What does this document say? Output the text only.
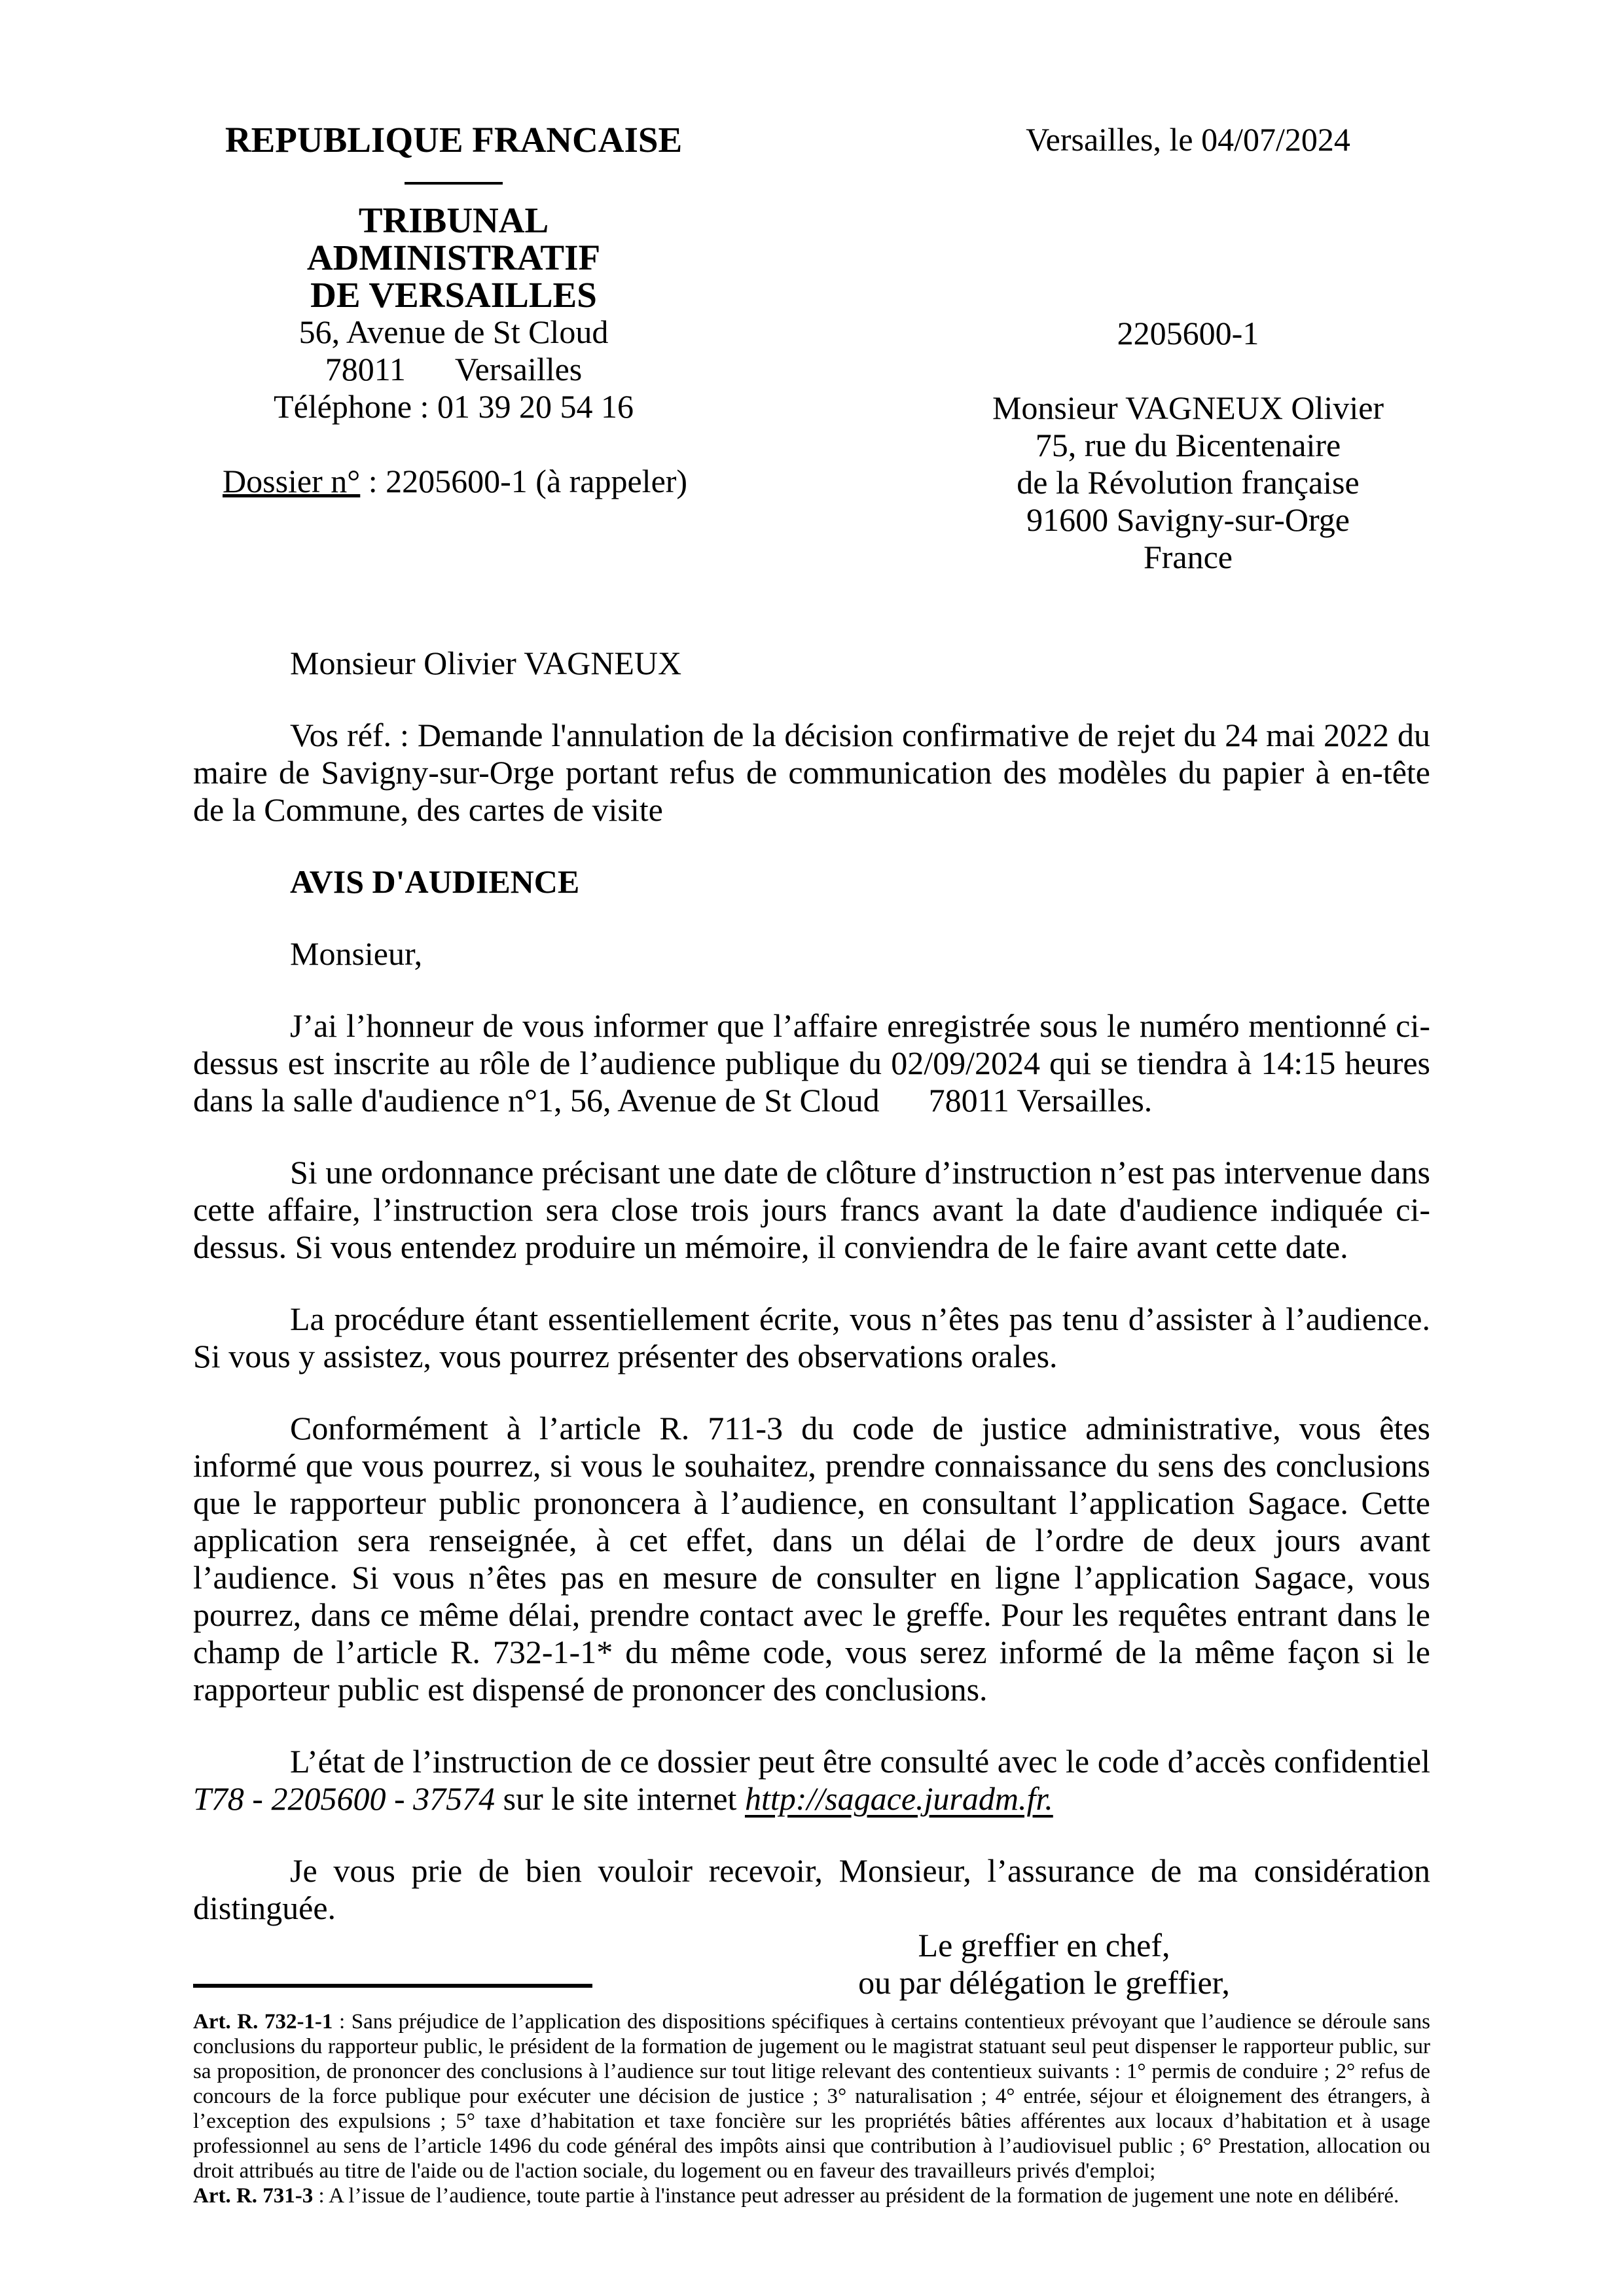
REPUBLIQUE FRANCAISE
TRIBUNAL ADMINISTRATIF
DE VERSAILLES
56, Avenue de St Cloud
78011      Versailles
Téléphone : 01 39 20 54 16
Dossier n° : 2205600-1 (à rappeler)
Versailles, le 04/07/2024
2205600-1
Monsieur VAGNEUX Olivier
75, rue du Bicentenaire
de la Révolution française
91600 Savigny-sur-Orge
France

Monsieur Olivier VAGNEUX

Vos réf. : Demande l'annulation de la décision confirmative de rejet du 24 mai 2022 du maire de Savigny-sur-Orge portant refus de communication des modèles du papier à en-tête de la Commune, des cartes de visite

AVIS D'AUDIENCE

Monsieur,

J’ai l’honneur de vous informer que l’affaire enregistrée sous le numéro mentionné ci-dessus est inscrite au rôle de l’audience publique du 02/09/2024 qui se tiendra à 14:15 heures dans la salle d'audience n°1, 56, Avenue de St Cloud      78011 Versailles.

Si une ordonnance précisant une date de clôture d’instruction n’est pas intervenue dans cette affaire, l’instruction sera close trois jours francs avant la date d'audience indiquée ci-dessus. Si vous entendez produire un mémoire, il conviendra de le faire avant cette date.

La procédure étant essentiellement écrite, vous n’êtes pas tenu d’assister à l’audience. Si vous y assistez, vous pourrez présenter des observations orales.

Conformément à l’article R. 711-3 du code de justice administrative, vous êtes informé que vous pourrez, si vous le souhaitez, prendre connaissance du sens des conclusions que le rapporteur public prononcera à l’audience, en consultant l’application Sagace. Cette application sera renseignée, à cet effet, dans un délai de l’ordre de deux jours avant l’audience. Si vous n’êtes pas en mesure de consulter en ligne l’application Sagace, vous pourrez, dans ce même délai, prendre contact avec le greffe. Pour les requêtes entrant dans le champ de l’article R. 732-1-1* du même code, vous serez informé de la même façon si le rapporteur public est dispensé de prononcer des conclusions.

L’état de l’instruction de ce dossier peut être consulté avec le code d’accès confidentiel T78 - 2205600 - 37574 sur le site internet http://sagace.juradm.fr.

Je vous prie de bien vouloir recevoir, Monsieur, l’assurance de ma considération distinguée.

Le greffier en chef,
ou par délégation le greffier,
Art. R. 732-1-1 : Sans préjudice de l’application des dispositions spécifiques à certains contentieux prévoyant que l’audience se déroule sans conclusions du rapporteur public, le président de la formation de jugement ou le magistrat statuant seul peut dispenser le rapporteur public, sur sa proposition, de prononcer des conclusions à l’audience sur tout litige relevant des contentieux suivants : 1° permis de conduire ; 2° refus de concours de la force publique pour exécuter une décision de justice ; 3° naturalisation ; 4° entrée, séjour et éloignement des étrangers, à l’exception des expulsions ; 5° taxe d’habitation et taxe foncière sur les propriétés bâties afférentes aux locaux d’habitation et à usage professionnel au sens de l’article 1496 du code général des impôts ainsi que contribution à l’audiovisuel public ; 6° Prestation, allocation ou droit attribués au titre de l'aide ou de l'action sociale, du logement ou en faveur des travailleurs privés d'emploi;
Art. R. 731-3 : A l’issue de l’audience, toute partie à l'instance peut adresser au président de la formation de jugement une note en délibéré.
